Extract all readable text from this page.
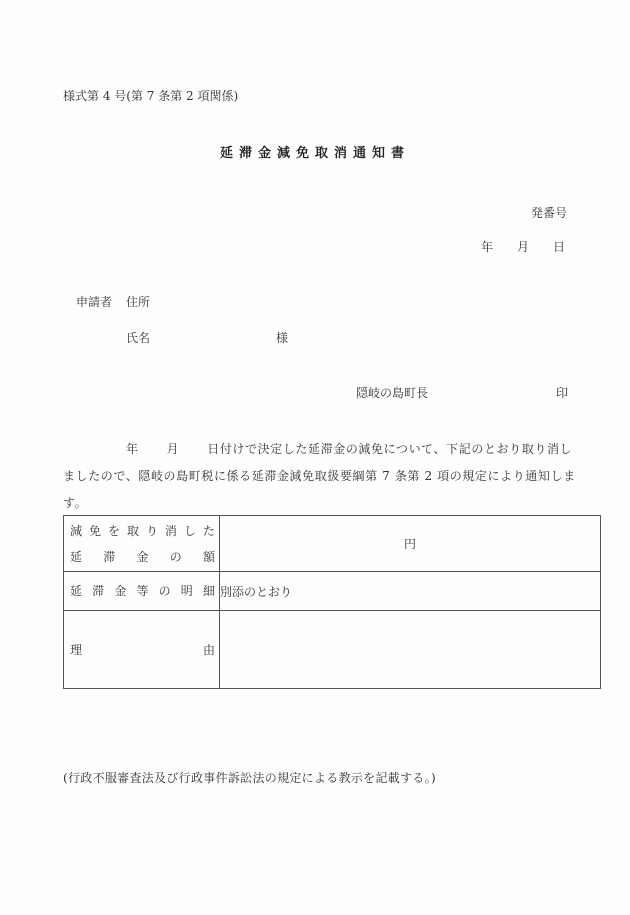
様式第 4 号(第 7 条第 2 項関係)
延滞金減免取消通知書
発番号
年 月 日
申請者 住所
氏名	様
隠岐の島町長	印
年 月 日付けで決定した延滞金の減免について、下記のとおり取り消し
ましたので、隠岐の島町税に係る延滞金減免取扱要綱第 7 条第 2 項の規定により通知しま
す。
減 免 を 取 り 消 し た
延 滞 金 の 額
	円

延 滞 金 等 の 明 細	別添のとおり

理 由	

(行政不服審査法及び行政事件訴訟法の規定による教示を記載する。)
